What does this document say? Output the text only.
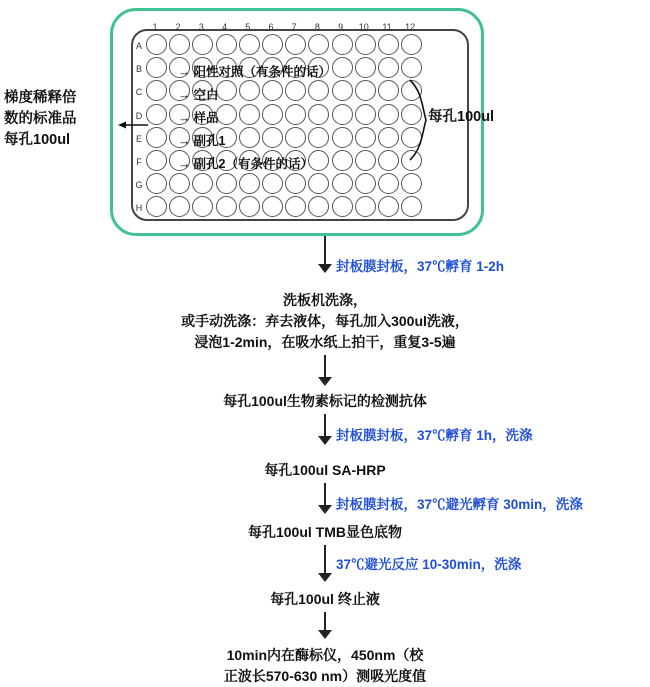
1	2	3	4	5	6	7	8	9	10 11 12
A
B
C
D
E
F
G
H
→ 阳性对照（有条件的话）
→ 空白
→ 样品
→ 副孔1
→ 副孔2（有条件的话）
梯度稀释倍
数的标准品
每孔100ul
每孔100ul
封板膜封板，37℃孵育 1-2h
洗板机洗涤，
或手动洗涤：弃去液体，每孔加入300ul洗液，
浸泡1-2min，在吸水纸上拍干，重复3-5遍
每孔100ul生物素标记的检测抗体
封板膜封板，37℃孵育 1h，洗涤
每孔100ul SA-HRP
封板膜封板，37℃避光孵育 30min，洗涤
每孔100ul TMB显色底物
37℃避光反应 10-30min，洗涤
每孔100ul 终止液
10min内在酶标仪，450nm（校
正波长570-630 nm）测吸光度值
